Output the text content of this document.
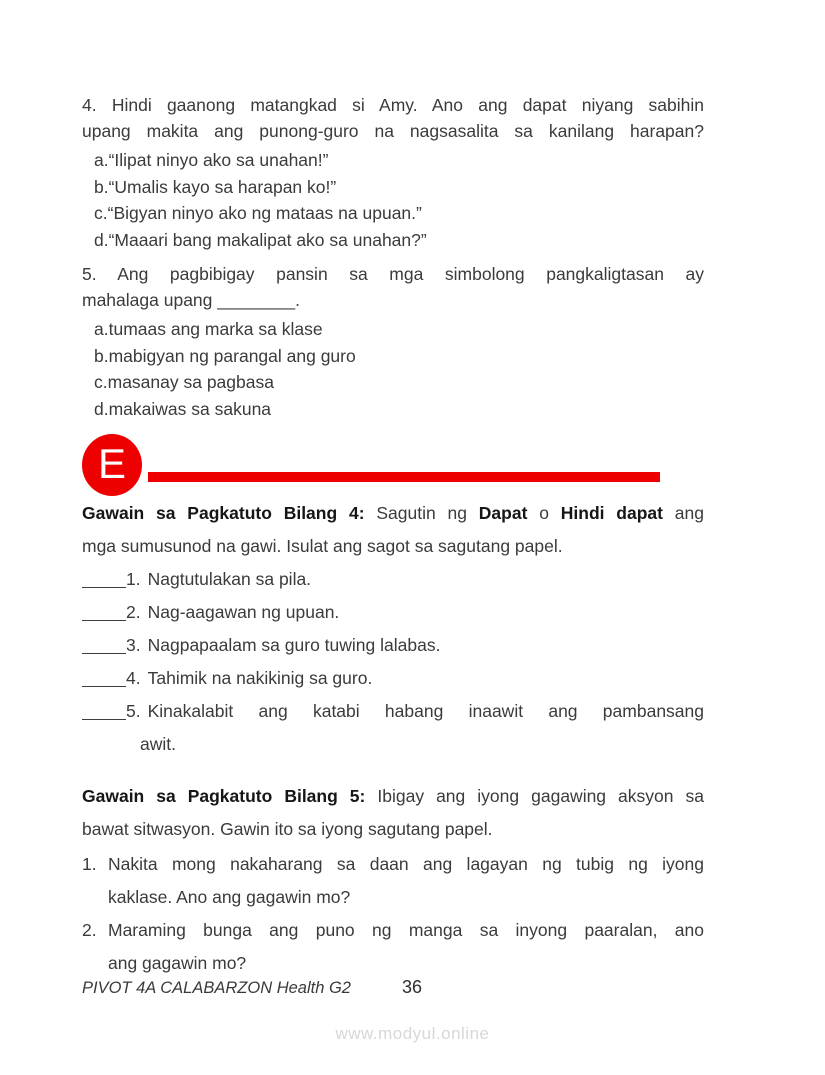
4. Hindi gaanong matangkad si Amy. Ano ang dapat niyang sabihin
upang makita ang punong-guro na nagsasalita sa kanilang harapan?
a.“Ilipat ninyo ako sa unahan!”
b.“Umalis kayo sa harapan ko!”
c.“Bigyan ninyo ako ng mataas na upuan.”
d.“Maaari bang makalipat ako sa unahan?”
5. Ang pagbibigay pansin sa mga simbolong pangkaligtasan ay
mahalaga upang ________.
a.tumaas ang marka sa klase
b.mabigyan ng parangal ang guro
c.masanay sa pagbasa
d.makaiwas sa sakuna
E
Gawain sa Pagkatuto Bilang 4: Sagutin ng Dapat o Hindi dapat ang
mga sumusunod na gawi. Isulat ang sagot sa sagutang papel.
1. Nagtutulakan sa pila.
2. Nag-aagawan ng upuan.
3. Nagpapaalam sa guro tuwing lalabas.
4. Tahimik na nakikinig sa guro.
5. Kinakalabit ang katabi habang inaawit ang pambansang
awit.
Gawain sa Pagkatuto Bilang 5: Ibigay ang iyong gagawing aksyon sa
bawat sitwasyon. Gawin ito sa iyong sagutang papel.
1. Nakita mong nakaharang sa daan ang lagayan ng tubig ng iyong
kaklase. Ano ang gagawin mo?
2. Maraming bunga ang puno ng manga sa inyong paaralan, ano
ang gagawin mo?
PIVOT 4A CALABARZON Health G2	36
www.modyul.online
